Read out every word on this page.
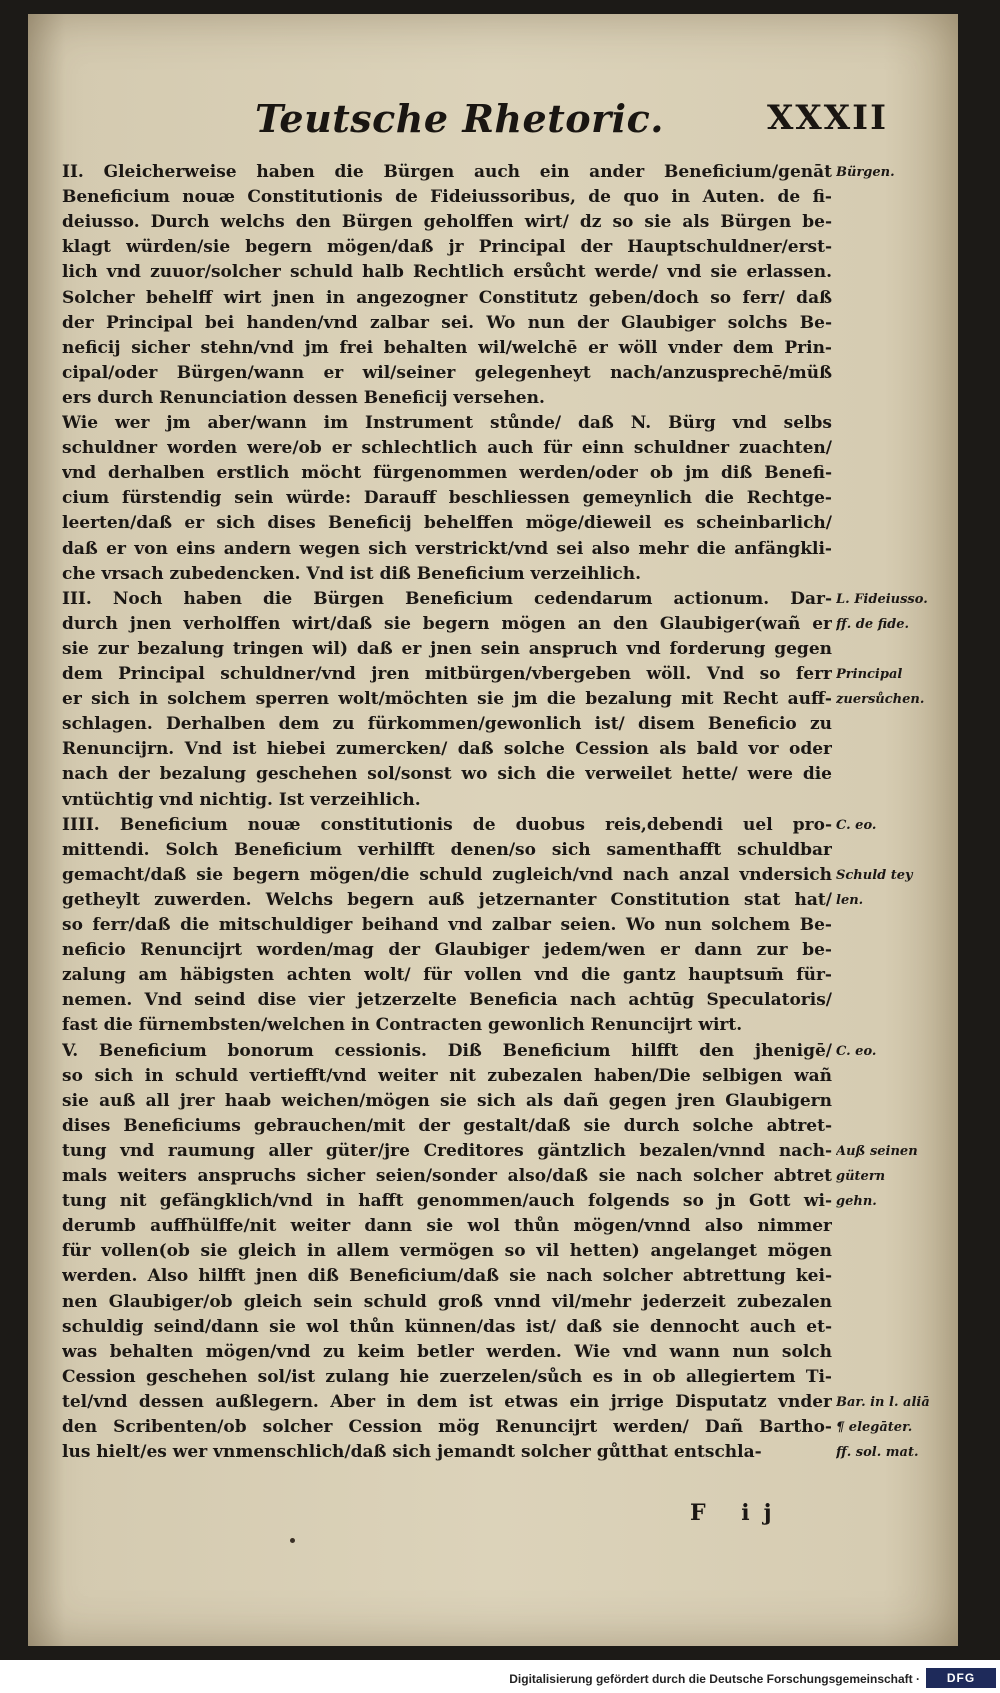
Teutsche Rhetoric.	XXXII
II. Gleicherweise haben die Bürgen auch ein ander Beneficium/genāt
Beneficium nouæ Constitutionis de Fideiussoribus, de quo in Auten. de fi-
deiusso. Durch welchs den Bürgen geholffen wirt/ dz so sie als Bürgen be-
klagt würden/sie begern mögen/daß jr Principal der Hauptschuldner/erst-
lich vnd zuuor/solcher schuld halb Rechtlich ersůcht werde/ vnd sie erlassen.
Solcher behelff wirt jnen in angezogner Constitutz geben/doch so ferr/ daß
der Principal bei handen/vnd zalbar sei. Wo nun der Glaubiger solchs Be-
neficij sicher stehn/vnd jm frei behalten wil/welchē er wöll vnder dem Prin-
cipal/oder Bürgen/wann er wil/seiner gelegenheyt nach/anzusprechē/müß
ers durch Renunciation dessen Beneficij versehen.
Wie wer jm aber/wann im Instrument stůnde/ daß N. Bürg vnd selbs
schuldner worden were/ob er schlechtlich auch für einn schuldner zuachten/
vnd derhalben erstlich möcht fürgenommen werden/oder ob jm diß Benefi-
cium fürstendig sein würde: Darauff beschliessen gemeynlich die Rechtge-
leerten/daß er sich dises Beneficij behelffen möge/dieweil es scheinbarlich/
daß er von eins andern wegen sich verstrickt/vnd sei also mehr die anfängkli-
che vrsach zubedencken. Vnd ist diß Beneficium verzeihlich.
III. Noch haben die Bürgen Beneficium cedendarum actionum. Dar-
durch jnen verholffen wirt/daß sie begern mögen an den Glaubiger(wañ er
sie zur bezalung tringen wil) daß er jnen sein anspruch vnd forderung gegen
dem Principal schuldner/vnd jren mitbürgen/vbergeben wöll. Vnd so ferr
er sich in solchem sperren wolt/möchten sie jm die bezalung mit Recht auff-
schlagen. Derhalben dem zu fürkommen/gewonlich ist/ disem Beneficio zu
Renuncijrn. Vnd ist hiebei zumercken/ daß solche Cession als bald vor oder
nach der bezalung geschehen sol/sonst wo sich die verweilet hette/ were die
vntüchtig vnd nichtig. Ist verzeihlich.
IIII. Beneficium nouæ constitutionis de duobus reis,debendi uel pro-
mittendi. Solch Beneficium verhilfft denen/so sich samenthafft schuldbar
gemacht/daß sie begern mögen/die schuld zugleich/vnd nach anzal vndersich
getheylt zuwerden. Welchs begern auß jetzernanter Constitution stat hat/
so ferr/daß die mitschuldiger beihand vnd zalbar seien. Wo nun solchem Be-
neficio Renuncijrt worden/mag der Glaubiger jedem/wen er dann zur be-
zalung am häbigsten achten wolt/ für vollen vnd die gantz hauptsum̄ für-
nemen. Vnd seind dise vier jetzerzelte Beneficia nach achtūg Speculatoris/
fast die fürnembsten/welchen in Contracten gewonlich Renuncijrt wirt.
V. Beneficium bonorum cessionis. Diß Beneficium hilfft den jhenigē/
so sich in schuld vertiefft/vnd weiter nit zubezalen haben/Die selbigen wañ
sie auß all jrer haab weichen/mögen sie sich als dañ gegen jren Glaubigern
dises Beneficiums gebrauchen/mit der gestalt/daß sie durch solche abtret-
tung vnd raumung aller güter/jre Creditores gäntzlich bezalen/vnnd nach-
mals weiters anspruchs sicher seien/sonder also/daß sie nach solcher abtret
tung nit gefängklich/vnd in hafft genommen/auch folgends so jn Gott wi-
derumb auffhülffe/nit weiter dann sie wol thůn mögen/vnnd also nimmer
für vollen(ob sie gleich in allem vermögen so vil hetten) angelanget mögen
werden. Also hilfft jnen diß Beneficium/daß sie nach solcher abtrettung kei-
nen Glaubiger/ob gleich sein schuld groß vnnd vil/mehr jederzeit zubezalen
schuldig seind/dann sie wol thůn künnen/das ist/ daß sie dennocht auch et-
was behalten mögen/vnd zu keim betler werden. Wie vnd wann nun solch
Cession geschehen sol/ist zulang hie zuerzelen/sůch es in ob allegiertem Ti-
tel/vnd dessen außlegern. Aber in dem ist etwas ein jrrige Disputatz vnder
den Scribenten/ob solcher Cession mög Renuncijrt werden/ Dañ Bartho-
lus hielt/es wer vnmenschlich/daß sich jemandt solcher gůtthat entschla-
Bürgen.
L. Fideiusso.
ff. de fide.
Principal
zuersůchen.
C. eo.
Schuld tey
len.
C. eo.
Auß seinen
gütern
gehn.
Bar. in l. aliā
¶ elegāter.
ff. sol. mat.
F ij
Digitalisierung gefördert durch die Deutsche Forschungsgemeinschaft ·	DFG
